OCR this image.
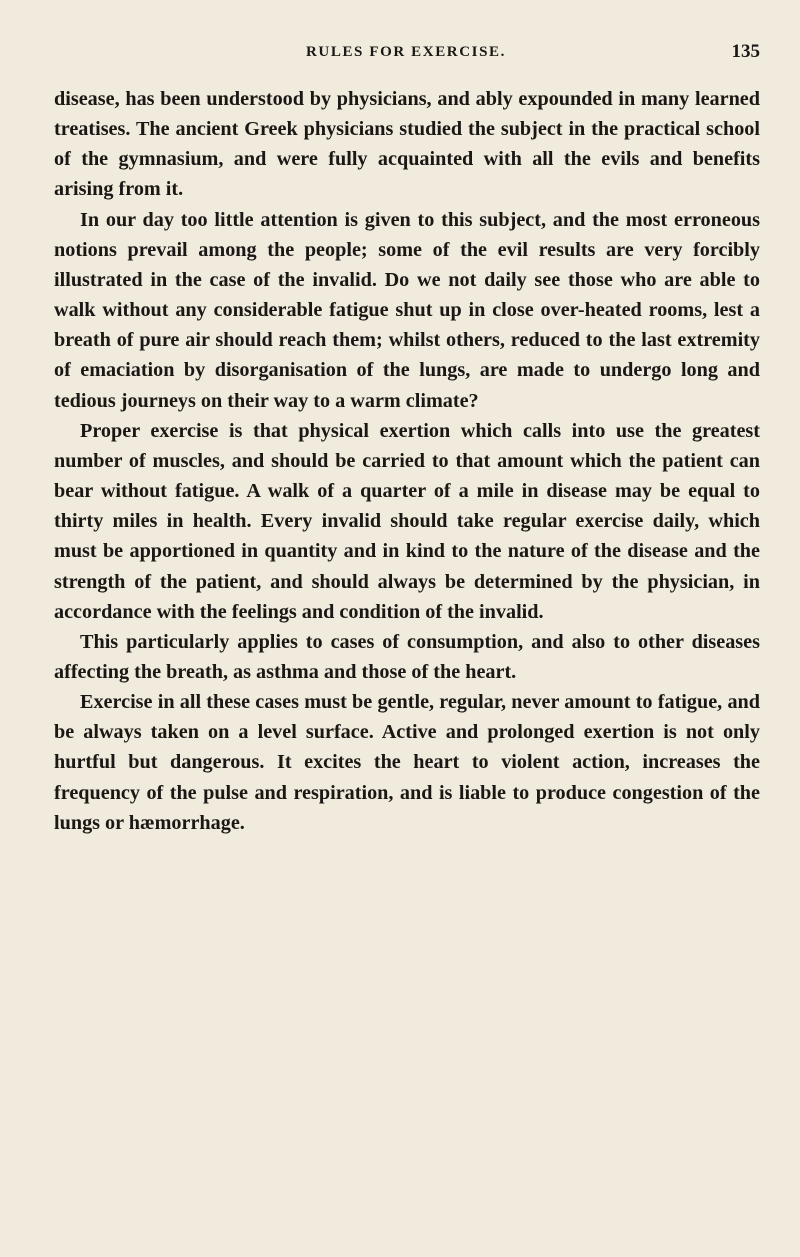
RULES FOR EXERCISE.	135

disease, has been understood by physicians, and ably expounded in many learned treatises. The ancient Greek physicians studied the subject in the practical school of the gymnasium, and were fully acquainted with all the evils and benefits arising from it.

In our day too little attention is given to this subject, and the most erroneous notions prevail among the people; some of the evil results are very forcibly illustrated in the case of the invalid. Do we not daily see those who are able to walk without any considerable fatigue shut up in close over-heated rooms, lest a breath of pure air should reach them; whilst others, reduced to the last extremity of emaciation by disorganisation of the lungs, are made to undergo long and tedious journeys on their way to a warm climate?

Proper exercise is that physical exertion which calls into use the greatest number of muscles, and should be carried to that amount which the patient can bear without fatigue. A walk of a quarter of a mile in disease may be equal to thirty miles in health. Every invalid should take regular exercise daily, which must be apportioned in quantity and in kind to the nature of the disease and the strength of the patient, and should always be determined by the physician, in accordance with the feelings and condition of the invalid.

This particularly applies to cases of consumption, and also to other diseases affecting the breath, as asthma and those of the heart.

Exercise in all these cases must be gentle, regular, never amount to fatigue, and be always taken on a level surface. Active and prolonged exertion is not only hurtful but dangerous. It excites the heart to violent action, increases the frequency of the pulse and respiration, and is liable to produce congestion of the lungs or hæmorrhage.
